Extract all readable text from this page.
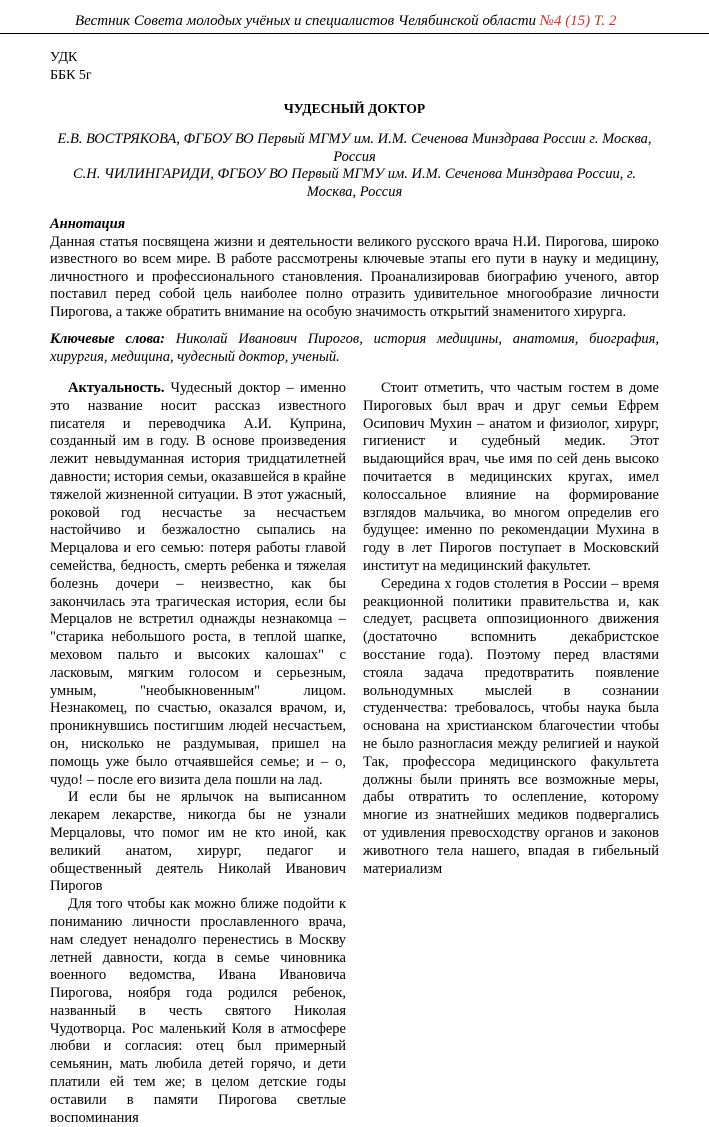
Вестник Совета молодых учёных и специалистов Челябинской области №4 (15) Т. 2
УДК
ББК 5г
ЧУДЕСНЫЙ ДОКТОР

Е.В. ВОСТРЯКОВА, ФГБОУ ВО Первый МГМУ им. И.М. Сеченова Минздрава России г. Москва, Россия

С.Н. ЧИЛИНГАРИДИ, ФГБОУ ВО Первый МГМУ им. И.М. Сеченова Минздрава России, г. Москва, Россия

Аннотация
Данная статья посвящена жизни и деятельности великого русского врача Н.И. Пирогова, широко известного во всем мире. В работе рассмотрены ключевые этапы его пути в науку и медицину, личностного и профессионального становления. Проанализировав биографию ученого, автор поставил перед собой цель наиболее полно отразить удивительное многообразие личности Пирогова, а также обратить внимание на особую значимость открытий знаменитого хирурга.
Ключевые слова: Николай Иванович Пирогов, история медицины, анатомия, биография, хирургия, медицина, чудесный доктор, ученый.

Актуальность. Чудесный доктор – именно это название носит рассказ известного писателя и переводчика А.И. Куприна, созданный им в году. В основе произведения лежит невыдуманная история тридцатилетней давности; история семьи, оказавшейся в крайне тяжелой жизненной ситуации. В этот ужасный, роковой год несчастье за несчастьем настойчиво и безжалостно сыпались на Мерцалова и его семью: потеря работы главой семейства, бедность, смерть ребенка и тяжелая болезнь дочери – неизвестно, как бы закончилась эта трагическая история, если бы Мерцалов не встретил однажды незнакомца – "старика небольшого роста, в теплой шапке, меховом пальто и высоких калошах" с ласковым, мягким голосом и серьезным, умным, "необыкновенным" лицом. Незнакомец, по счастью, оказался врачом, и, проникнувшись постигшим людей несчастьем, он, нисколько не раздумывая, пришел на помощь уже было отчаявшейся семье; и – о, чудо! – после его визита дела пошли на лад.

И если бы не ярлычок на выписанном лекарем лекарстве, никогда бы не узнали Мерцаловы, что помог им не кто иной, как великий анатом, хирург, педагог и общественный деятель Николай Иванович Пирогов

Для того чтобы как можно ближе подойти к пониманию личности прославленного врача, нам следует ненадолго перенестись в Москву летней давности, когда в семье чиновника военного ведомства, Ивана Ивановича Пирогова, ноября года родился ребенок, названный в честь святого Николая Чудотворца. Рос маленький Коля в атмосфере любви и согласия: отец был примерный семьянин, мать любила детей горячо, и дети платили ей тем же; в целом детские годы оставили в памяти Пирогова светлые воспоминания

Стоит отметить, что частым гостем в доме Пироговых был врач и друг семьи Ефрем Осипович Мухин – анатом и физиолог, хирург, гигиенист и судебный медик. Этот выдающийся врач, чье имя по сей день высоко почитается в медицинских кругах, имел колоссальное влияние на формирование взглядов мальчика, во многом определив его будущее: именно по рекомендации Мухина в году в лет Пирогов поступает в Московский институт на медицинский факультет.

Середина х годов столетия в России – время реакционной политики правительства и, как следует, расцвета оппозиционного движения (достаточно вспомнить декабристское восстание года). Поэтому перед властями стояла задача предотвратить появление вольнодумных мыслей в сознании студенчества: требовалось, чтобы наука была основана на христианском благочестии чтобы не было разногласия между религией и наукой Так, профессора медицинского факультета должны были принять все возможные меры, дабы отвратить то ослепление, которому многие из знатнейших медиков подвергались от удивления превосходству органов и законов животного тела нашего, впадая в гибельный материализм
